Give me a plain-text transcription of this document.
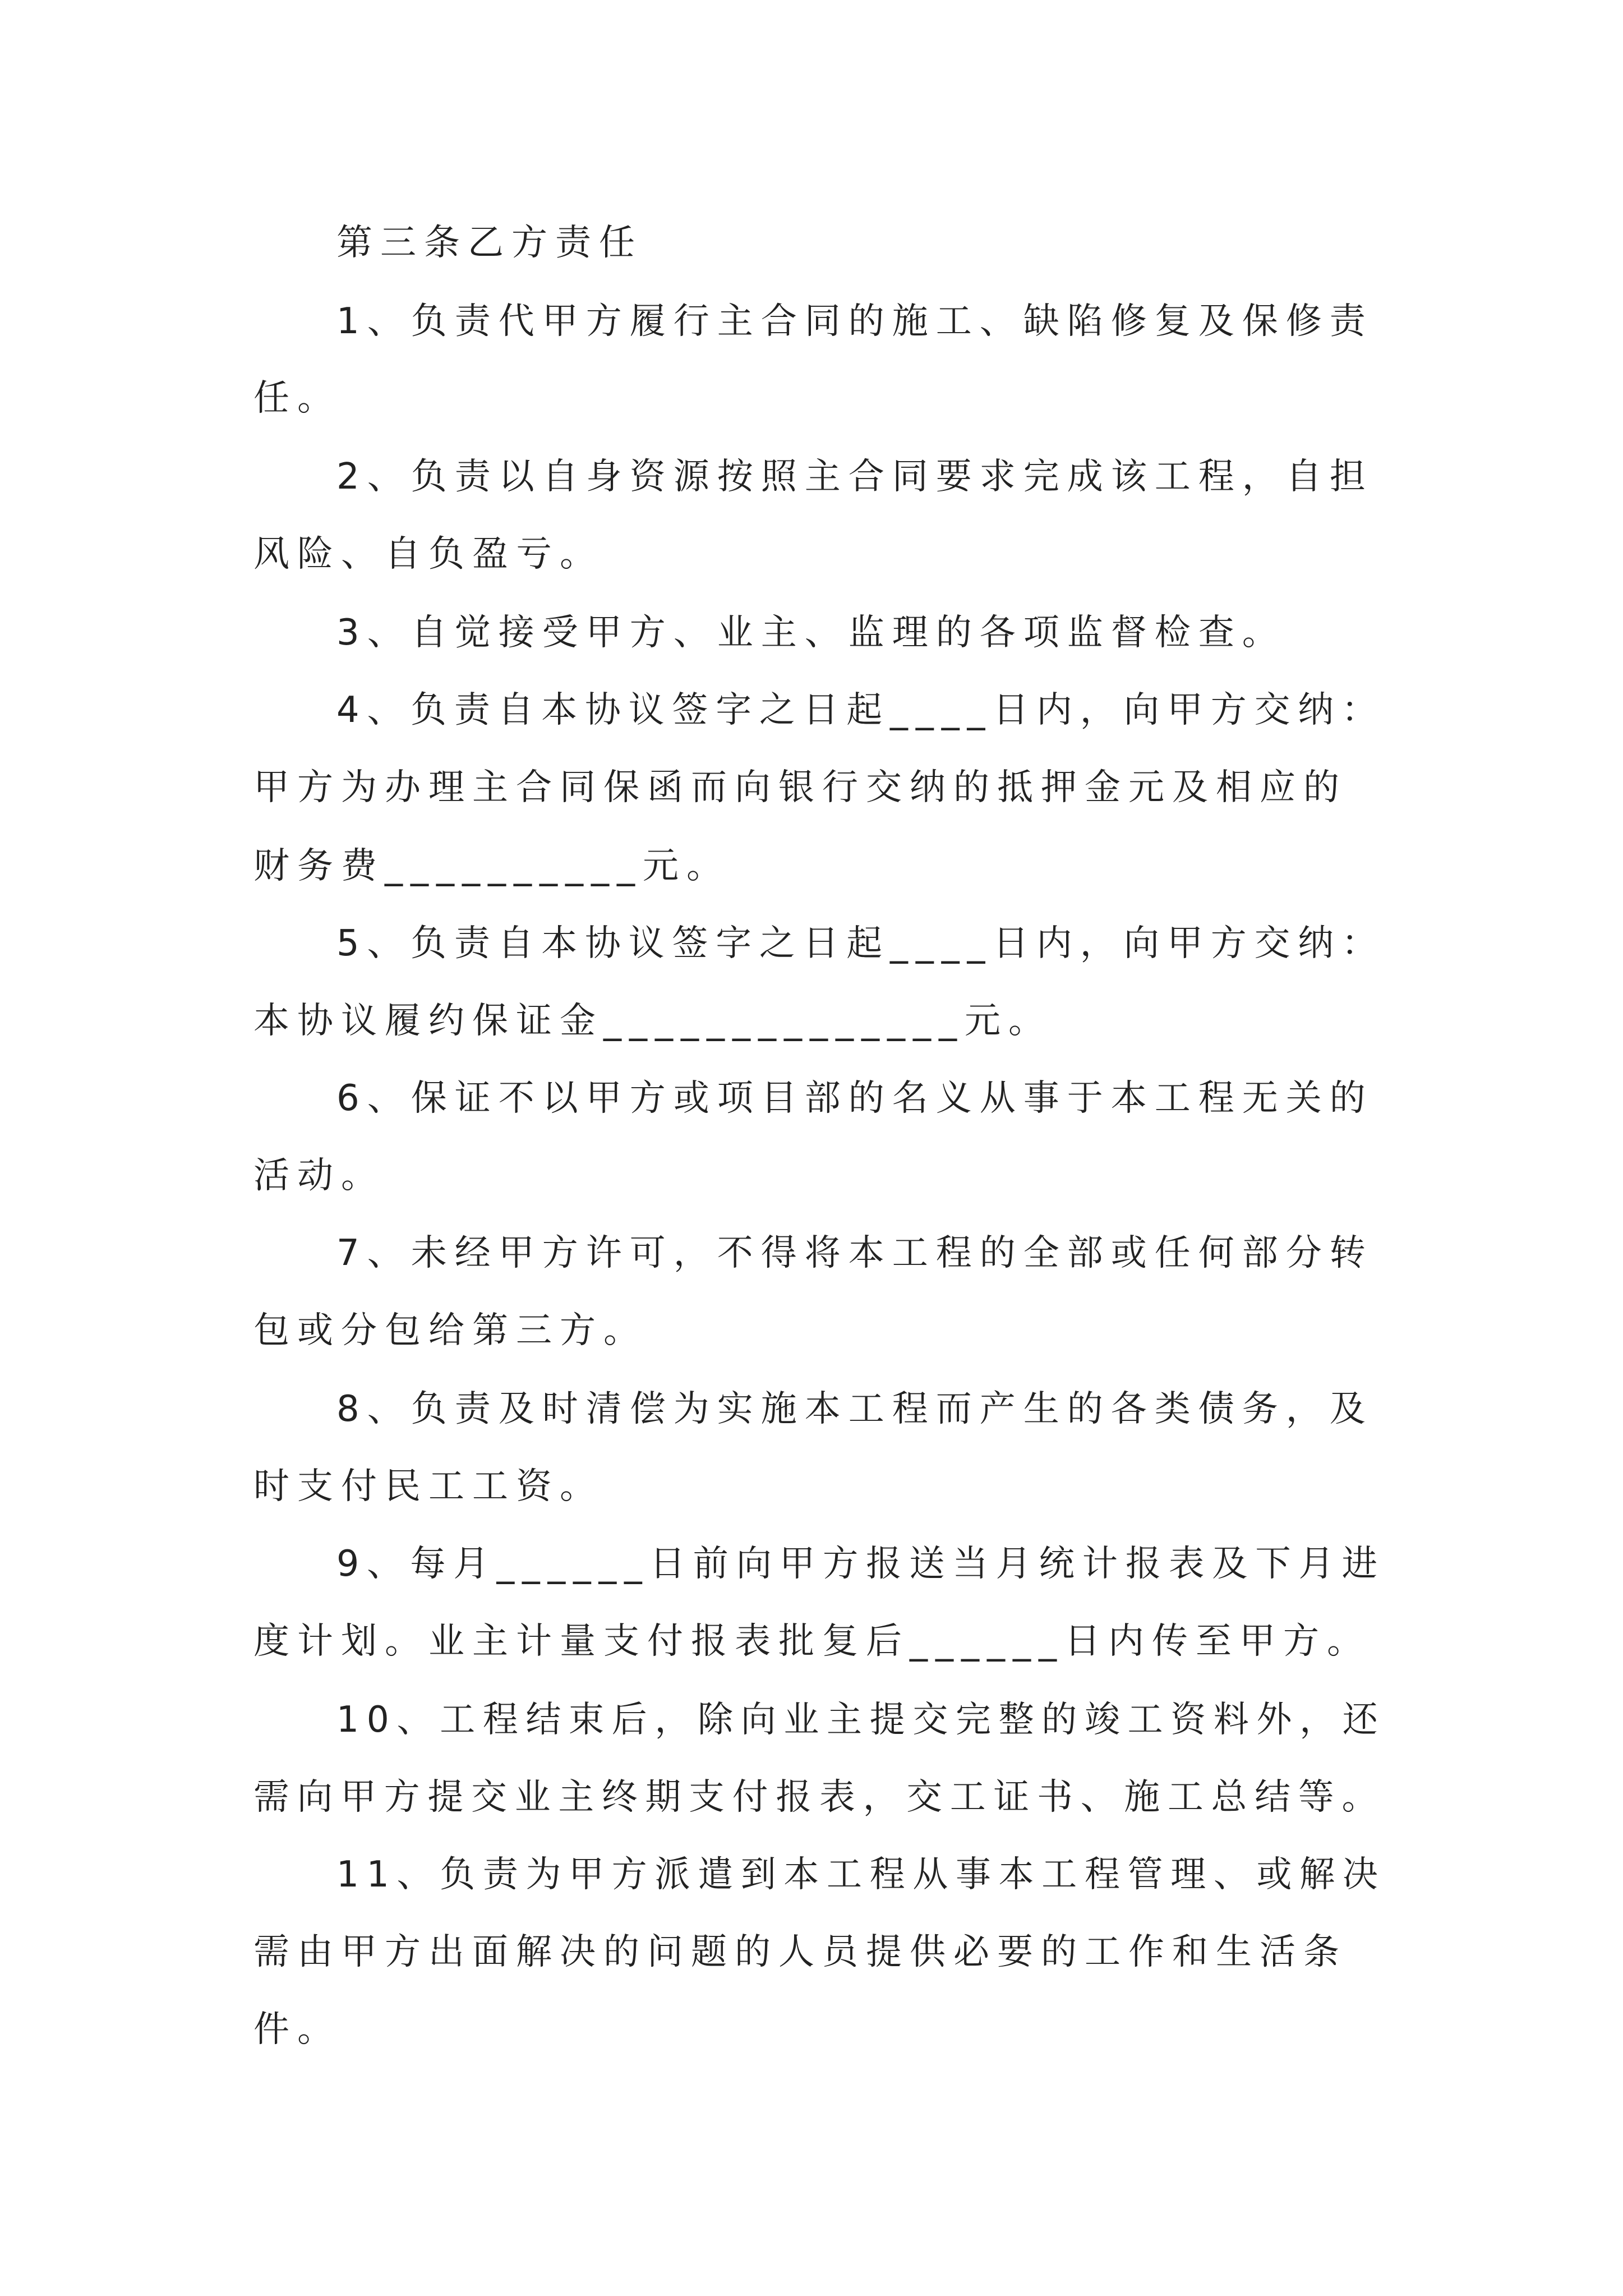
第三条乙方责任
1、负责代甲方履行主合同的施工、缺陷修复及保修责
任。
2、负责以自身资源按照主合同要求完成该工程，自担
风险、自负盈亏。
3、自觉接受甲方、业主、监理的各项监督检查。
4、负责自本协议签字之日起____日内，向甲方交纳：
甲方为办理主合同保函而向银行交纳的抵押金元及相应的
财务费__________元。
5、负责自本协议签字之日起____日内，向甲方交纳：
本协议履约保证金______________元。
6、保证不以甲方或项目部的名义从事于本工程无关的
活动。
7、未经甲方许可，不得将本工程的全部或任何部分转
包或分包给第三方。
8、负责及时清偿为实施本工程而产生的各类债务，及
时支付民工工资。
9、每月______日前向甲方报送当月统计报表及下月进
度计划。业主计量支付报表批复后______日内传至甲方。
10、工程结束后，除向业主提交完整的竣工资料外，还
需向甲方提交业主终期支付报表，交工证书、施工总结等。
11、负责为甲方派遣到本工程从事本工程管理、或解决
需由甲方出面解决的问题的人员提供必要的工作和生活条
件。
